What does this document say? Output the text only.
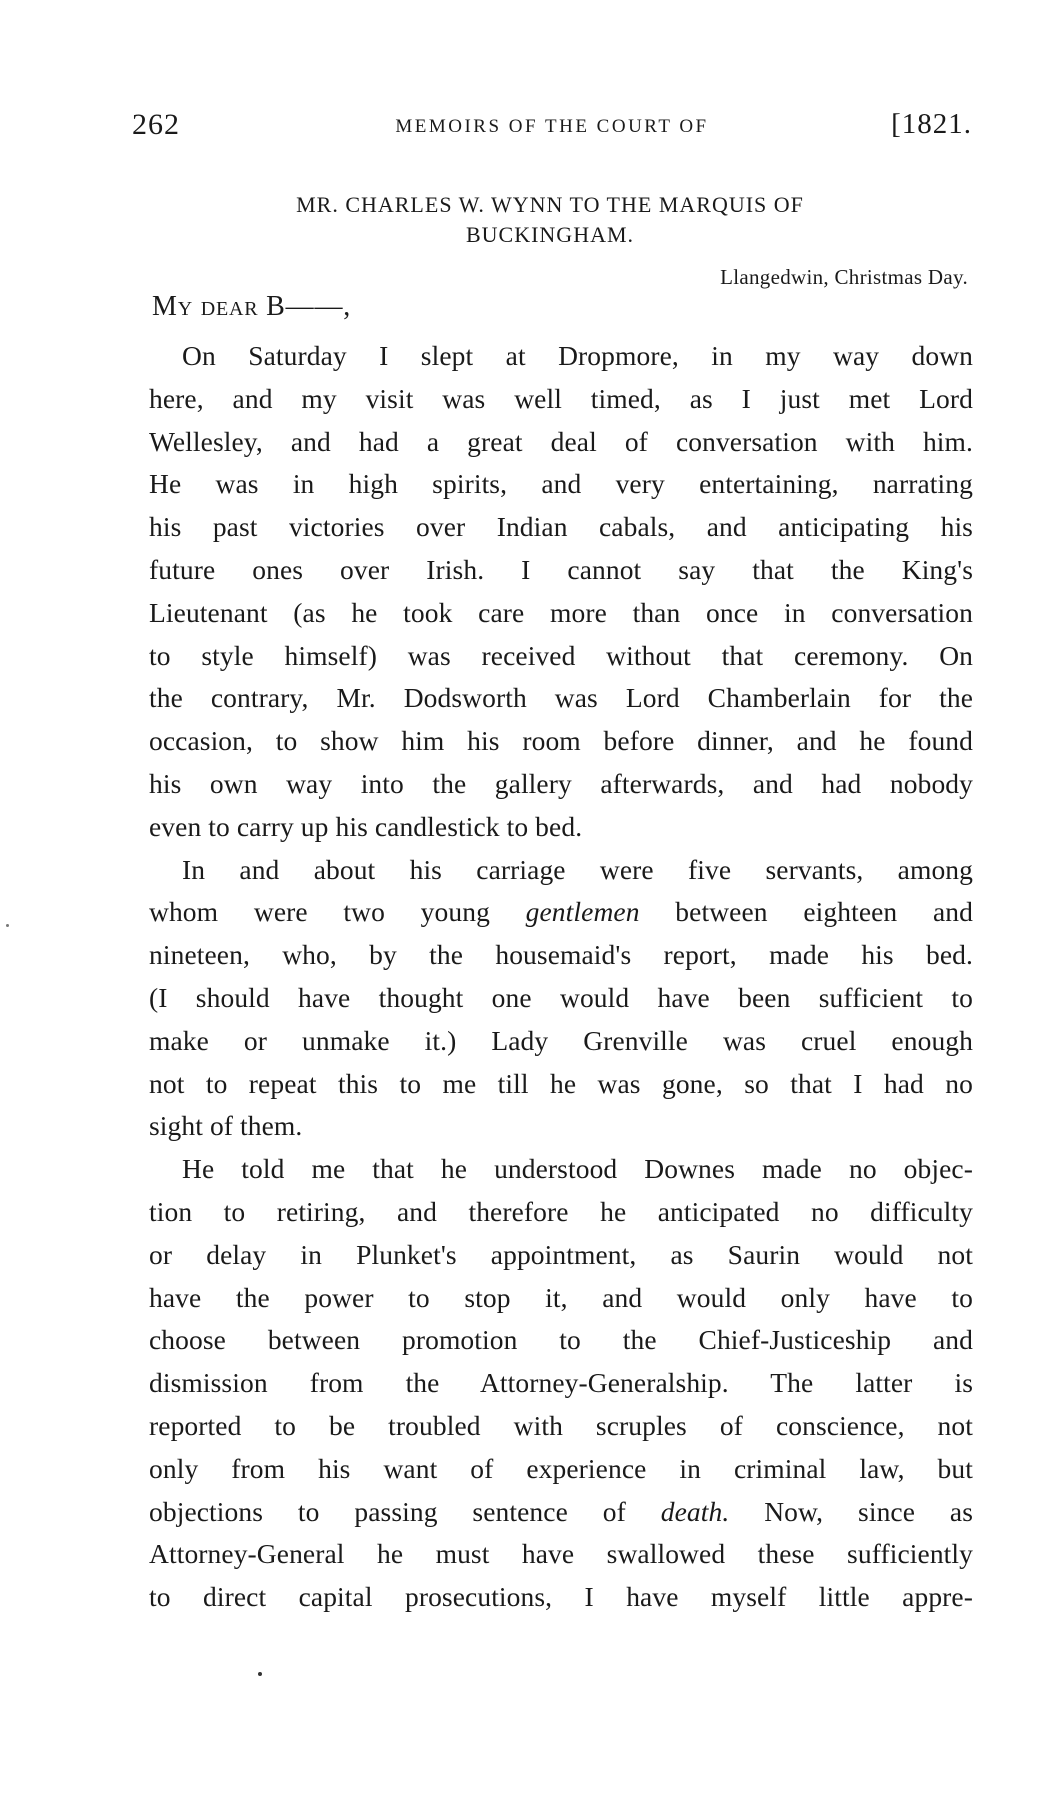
262	MEMOIRS OF THE COURT OF	[1821.
MR. CHARLES W. WYNN TO THE MARQUIS OF
BUCKINGHAM.
Llangedwin, Christmas Day.
My dear B——,
On Saturday I slept at Dropmore, in my way down
here, and my visit was well timed, as I just met Lord
Wellesley, and had a great deal of conversation with him.
He was in high spirits, and very entertaining, narrating
his past victories over Indian cabals, and anticipating his
future ones over Irish. I cannot say that the King's
Lieutenant (as he took care more than once in conversation
to style himself) was received without that ceremony. On
the contrary, Mr. Dodsworth was Lord Chamberlain for the
occasion, to show him his room before dinner, and he found
his own way into the gallery afterwards, and had nobody
even to carry up his candlestick to bed.
In and about his carriage were five servants, among
whom were two young gentlemen between eighteen and
nineteen, who, by the housemaid's report, made his bed.
(I should have thought one would have been sufficient to
make or unmake it.) Lady Grenville was cruel enough
not to repeat this to me till he was gone, so that I had no
sight of them.
He told me that he understood Downes made no objec-
tion to retiring, and therefore he anticipated no difficulty
or delay in Plunket's appointment, as Saurin would not
have the power to stop it, and would only have to
choose between promotion to the Chief-Justiceship and
dismission from the Attorney-Generalship. The latter is
reported to be troubled with scruples of conscience, not
only from his want of experience in criminal law, but
objections to passing sentence of death. Now, since as
Attorney-General he must have swallowed these sufficiently
to direct capital prosecutions, I have myself little appre-
